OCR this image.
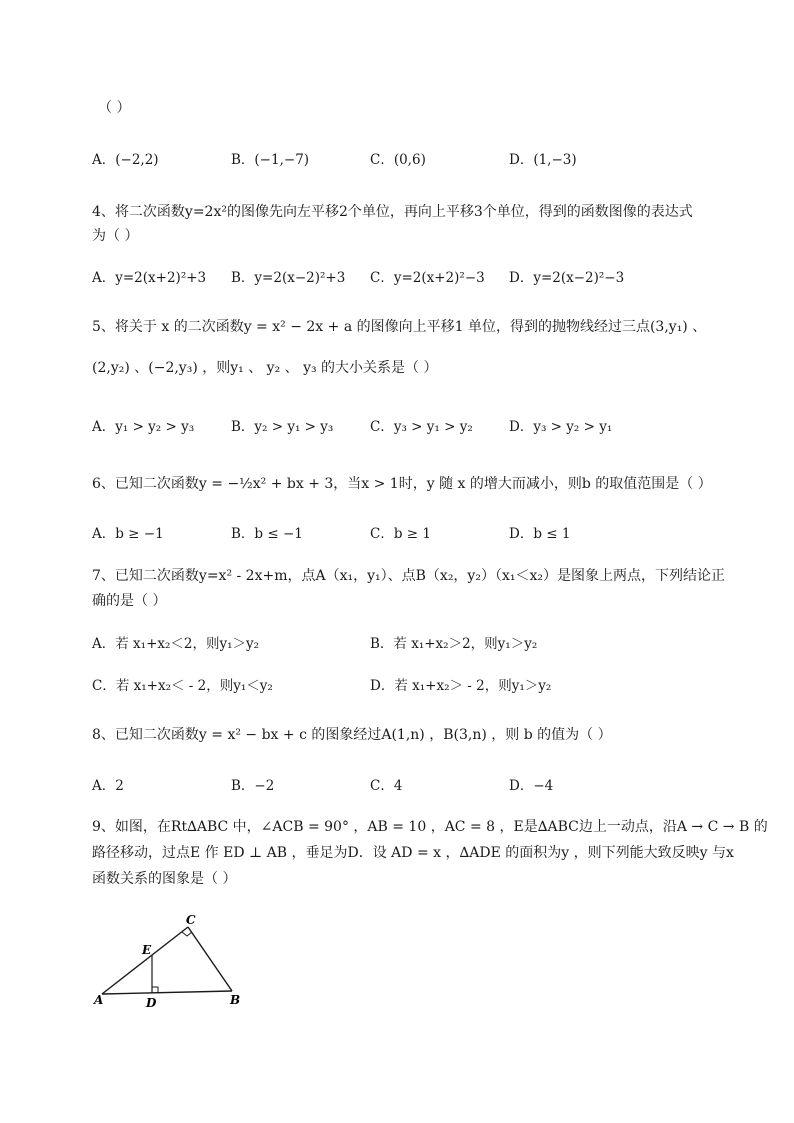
（ ）
A．(−2,2)	B．(−1,−7)	C．(0,6)	D．(1,−3)
4、将二次函数y=2x²的图像先向左平移2个单位，再向上平移3个单位，得到的函数图像的表达式
为（ ）
A．y=2(x+2)²+3 B．y=2(x−2)²+3 C．y=2(x+2)²−3 D．y=2(x−2)²−3
5、将关于 x 的二次函数y = x² − 2x + a 的图像向上平移1 单位，得到的抛物线经过三点(3,y₁) 、
(2,y₂) 、(−2,y₃) ，则y₁ 、 y₂ 、 y₃ 的大小关系是（ ）
A．y₁ > y₂ > y₃	B．y₂ > y₁ > y₃	C．y₃ > y₁ > y₂	D．y₃ > y₂ > y₁
6、已知二次函数y = −½x² + bx + 3，当x > 1时，y 随 x 的增大而减小，则b 的取值范围是（ ）
A．b ≥ −1	B．b ≤ −1	C．b ≥ 1	D．b ≤ 1
7、已知二次函数y=x² - 2x+m，点A（x₁，y₁）、点B（x₂，y₂）（x₁＜x₂）是图象上两点，下列结论正
确的是（ ）
A．若 x₁+x₂＜2，则y₁＞y₂	B．若 x₁+x₂＞2，则y₁＞y₂
C．若 x₁+x₂＜ - 2，则y₁＜y₂	D．若 x₁+x₂＞ - 2，则y₁＞y₂
8、已知二次函数y = x² − bx + c 的图象经过A(1,n) ，B(3,n) ，则 b 的值为（ ）
A．2	B．−2	C．4	D．−4
9、如图，在Rt∆ABC 中，∠ACB = 90° ，AB = 10 ，AC = 8 ，E是∆ABC边上一动点，沿A → C → B 的
路径移动，过点E 作 ED ⊥ AB ，垂足为D．设 AD = x ，∆ADE 的面积为y ，则下列能大致反映y 与x
函数关系的图象是（ ）
C
E
A	D	B
